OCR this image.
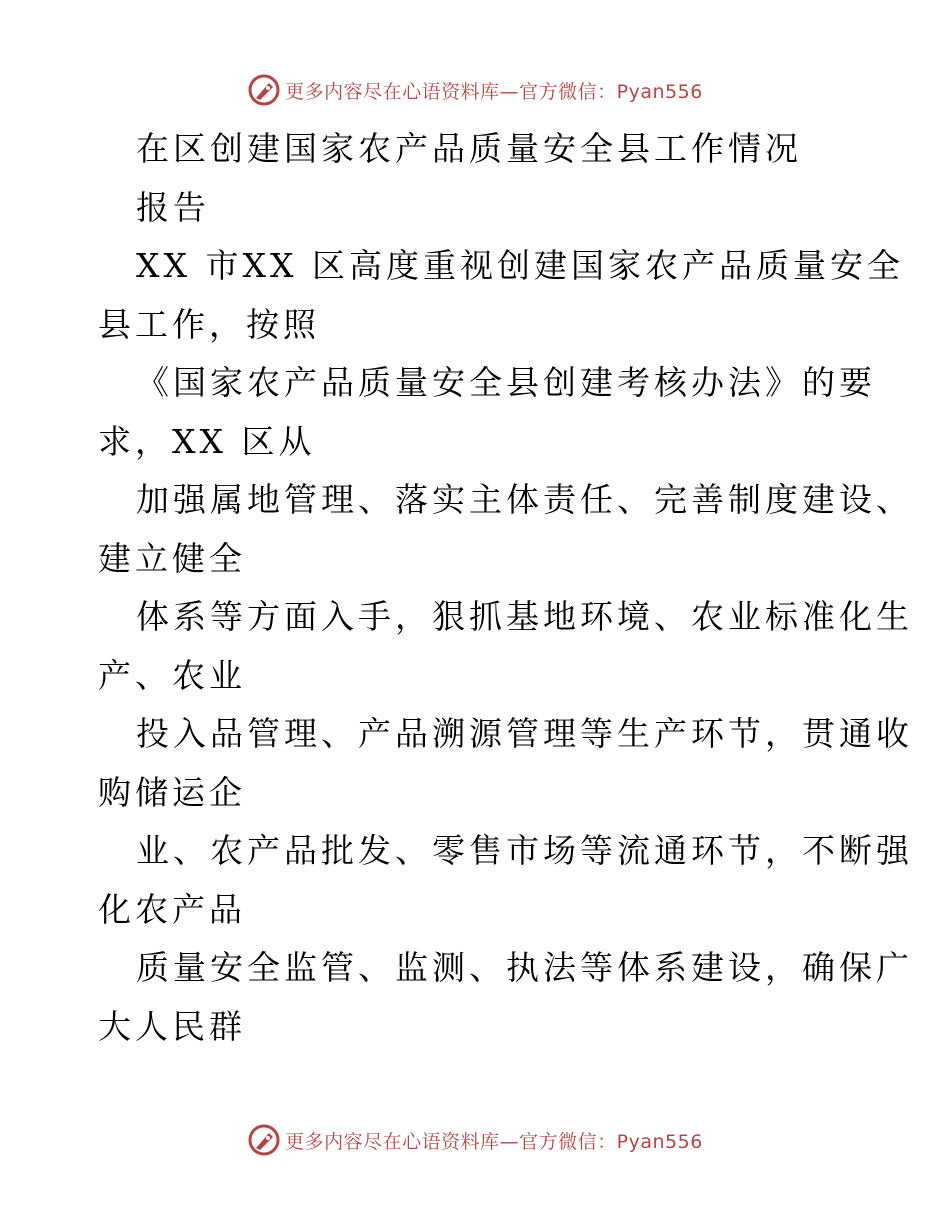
更多内容尽在心语资料库—官方微信：Pyan556
在区创建国家农产品质量安全县工作情况
报告
XX 市XX 区高度重视创建国家农产品质量安全
县工作，按照
《国家农产品质量安全县创建考核办法》的要
求，XX 区从
加强属地管理、落实主体责任、完善制度建设、
建立健全
体系等方面入手，狠抓基地环境、农业标准化生
产、农业
投入品管理、产品溯源管理等生产环节，贯通收
购储运企
业、农产品批发、零售市场等流通环节，不断强
化农产品
质量安全监管、监测、执法等体系建设，确保广
大人民群
更多内容尽在心语资料库—官方微信：Pyan556
